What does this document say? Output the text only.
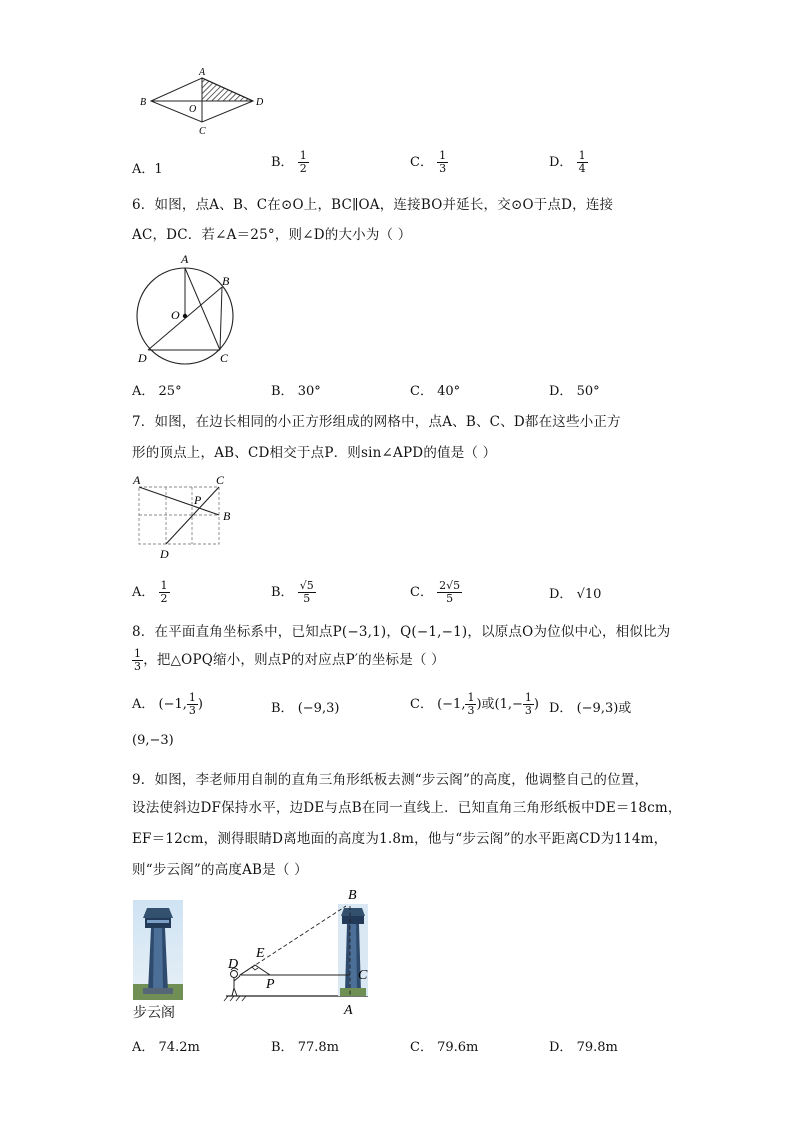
A
B
C
D
O
A．1	B． $\frac{1}{2}$	C． $\frac{1}{3}$	D． $\frac{1}{4}$
6．如图，点A、B、C在⊙O上，BC∥OA，连接BO并延长，交⊙O于点D，连接
AC，DC．若∠A＝25°，则∠D的大小为（ ）
A
B
C
D
O
A． 25°	B． 30°	C． 40°	D． 50°
7．如图，在边长相同的小正方形组成的网格中，点A、B、C、D都在这些小正方
形的顶点上，AB、CD相交于点P．则sin∠APD的值是（ ）
A	C
B
D
P
A． $\frac{1}{2}$	B． $\frac{√5}{5}$	C． $\frac{2√5}{5}$	D． √10
8．在平面直角坐标系中，已知点P(−3,1)，Q(−1,−1)，以原点O为位似中心，相似比为
$\frac{1}{3}$ ，把△OPQ缩小，则点P的对应点P′的坐标是（ ）
A． (−1, $\frac{1}{3}$ )	B． (−9,3)	C． (−1, $\frac{1}{3}$ )或($1,- \frac{1}{3}$ ) D． (−9,3)或
(9,−3)
9．如图，李老师用自制的直角三角形纸板去测“步云阁”的高度，他调整自己的位置，
设法使斜边DF保持水平，边DE与点B在同一直线上．已知直角三角形纸板中DE＝18cm，
EF＝12cm，测得眼睛D离地面的高度为1.8m，他与“步云阁”的水平距离CD为114m，
则“步云阁”的高度AB是（ ）
步云阁
D
E
P
B
C
A
A． 74.2m	B． 77.8m	C． 79.6m	D． 79.8m
